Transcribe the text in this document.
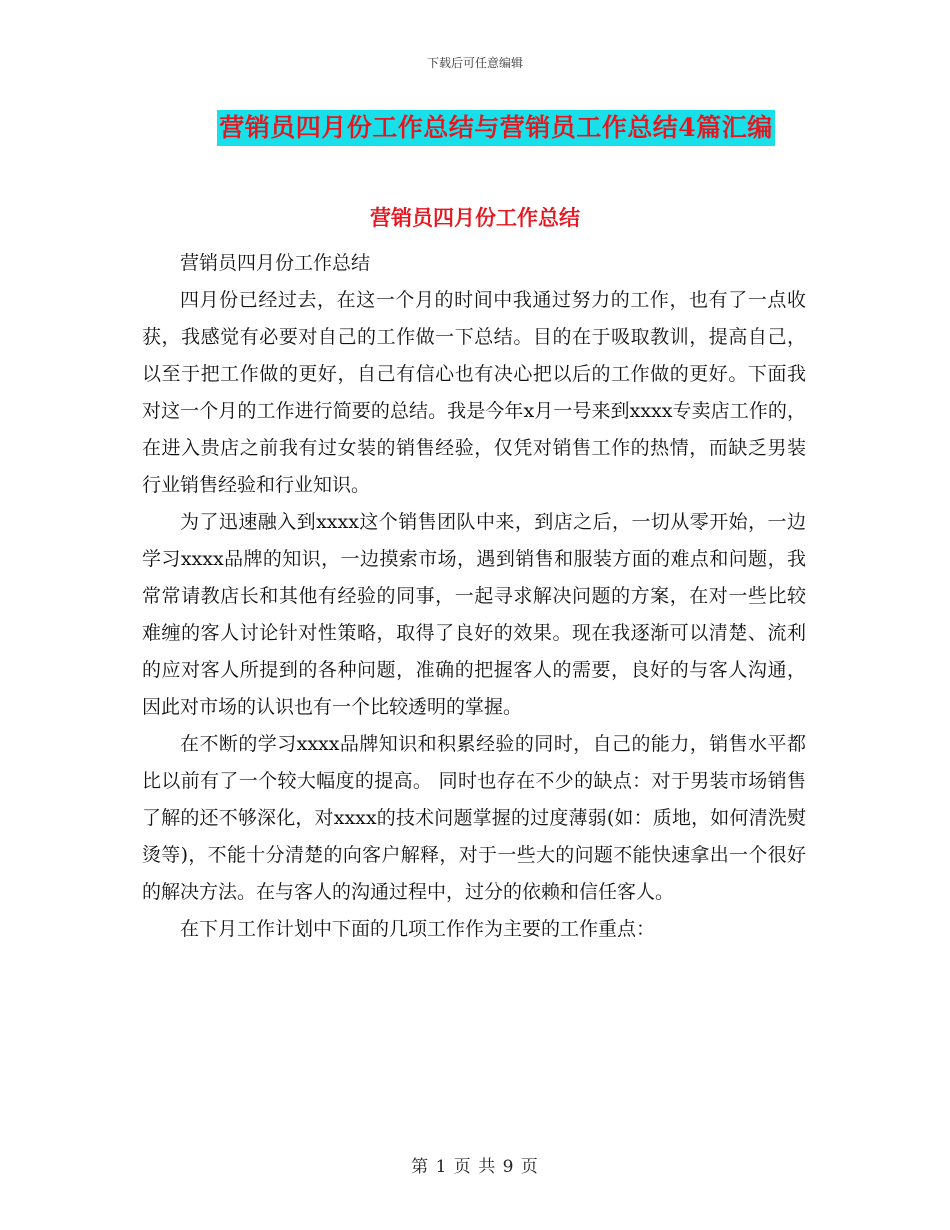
下载后可任意编辑
营销员四月份工作总结与营销员工作总结4篇汇编
营销员四月份工作总结

营销员四月份工作总结

四月份已经过去，在这一个月的时间中我通过努力的工作，也有了一点收获，我感觉有必要对自己的工作做一下总结。目的在于吸取教训，提高自己，以至于把工作做的更好，自己有信心也有决心把以后的工作做的更好。下面我对这一个月的工作进行简要的总结。我是今年x月一号来到xxxx专卖店工作的，在进入贵店之前我有过女装的销售经验，仅凭对销售工作的热情，而缺乏男装行业销售经验和行业知识。

为了迅速融入到xxxx这个销售团队中来，到店之后，一切从零开始，一边学习xxxx品牌的知识，一边摸索市场，遇到销售和服装方面的难点和问题，我常常请教店长和其他有经验的同事，一起寻求解决问题的方案，在对一些比较难缠的客人讨论针对性策略，取得了良好的效果。现在我逐渐可以清楚、流利的应对客人所提到的各种问题，准确的把握客人的需要，良好的与客人沟通，因此对市场的认识也有一个比较透明的掌握。

在不断的学习xxxx品牌知识和积累经验的同时，自己的能力，销售水平都比以前有了一个较大幅度的提高。 同时也存在不少的缺点：对于男装市场销售了解的还不够深化，对xxxx的技术问题掌握的过度薄弱(如：质地，如何清洗熨烫等)，不能十分清楚的向客户解释，对于一些大的问题不能快速拿出一个很好的解决方法。在与客人的沟通过程中，过分的依赖和信任客人。

在下月工作计划中下面的几项工作作为主要的工作重点：

第 1 页 共 9 页
